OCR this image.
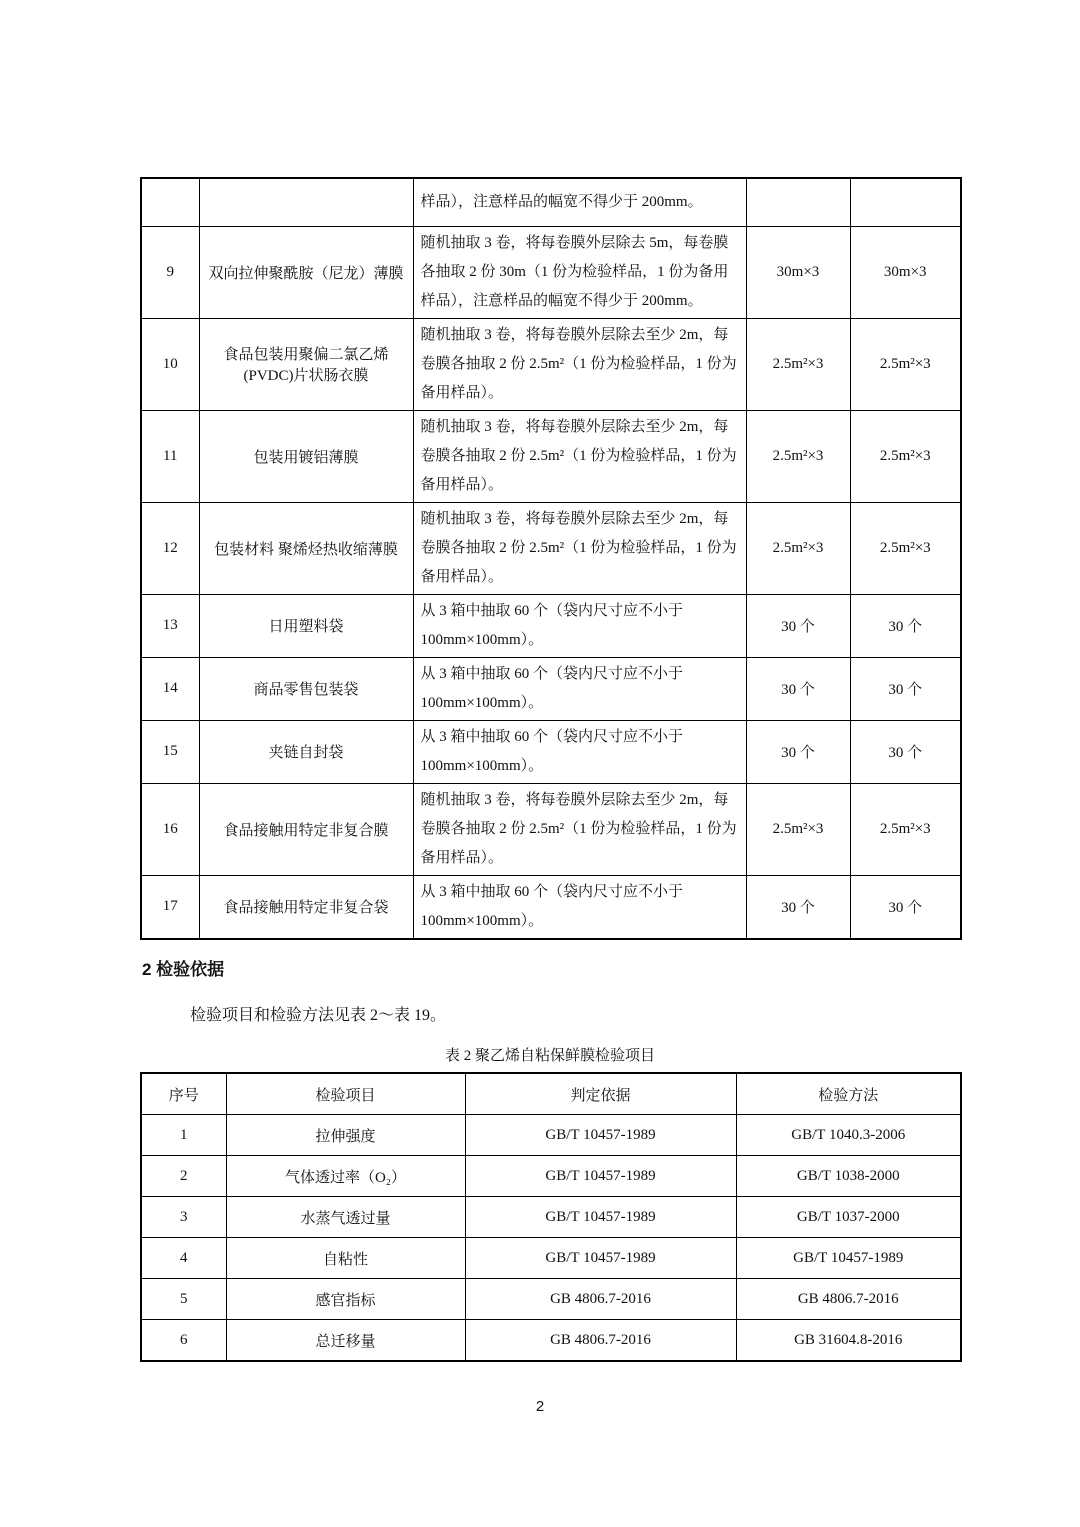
		样品），注意样品的幅宽不得少于 200mm。		
9	双向拉伸聚酰胺（尼龙）薄膜	随机抽取 3 卷，将每卷膜外层除去 5m，每卷膜各抽取 2 份 30m（1 份为检验样品，1 份为备用样品），注意样品的幅宽不得少于 200mm。	30m×3	30m×3
10	食品包装用聚偏二氯乙烯(PVDC)片状肠衣膜	随机抽取 3 卷，将每卷膜外层除去至少 2m，每卷膜各抽取 2 份 2.5m²（1 份为检验样品，1 份为备用样品）。	2.5m²×3	2.5m²×3
11	包装用镀铝薄膜	随机抽取 3 卷，将每卷膜外层除去至少 2m，每卷膜各抽取 2 份 2.5m²（1 份为检验样品，1 份为备用样品）。	2.5m²×3	2.5m²×3
12	包装材料 聚烯烃热收缩薄膜	随机抽取 3 卷，将每卷膜外层除去至少 2m，每卷膜各抽取 2 份 2.5m²（1 份为检验样品，1 份为备用样品）。	2.5m²×3	2.5m²×3
13	日用塑料袋	从 3 箱中抽取 60 个（袋内尺寸应不小于 100mm×100mm）。	30 个	30 个
14	商品零售包装袋	从 3 箱中抽取 60 个（袋内尺寸应不小于 100mm×100mm）。	30 个	30 个
15	夹链自封袋	从 3 箱中抽取 60 个（袋内尺寸应不小于 100mm×100mm）。	30 个	30 个
16	食品接触用特定非复合膜	随机抽取 3 卷，将每卷膜外层除去至少 2m，每卷膜各抽取 2 份 2.5m²（1 份为检验样品，1 份为备用样品）。	2.5m²×3	2.5m²×3
17	食品接触用特定非复合袋	从 3 箱中抽取 60 个（袋内尺寸应不小于 100mm×100mm）。	30 个	30 个
2 检验依据
检验项目和检验方法见表 2～表 19。
表 2 聚乙烯自粘保鲜膜检验项目
序号	检验项目	判定依据	检验方法
1	拉伸强度	GB/T 10457-1989	GB/T 1040.3-2006
2	气体透过率（O₂）	GB/T 10457-1989	GB/T 1038-2000
3	水蒸气透过量	GB/T 10457-1989	GB/T 1037-2000
4	自粘性	GB/T 10457-1989	GB/T 10457-1989
5	感官指标	GB 4806.7-2016	GB 4806.7-2016
6	总迁移量	GB 4806.7-2016	GB 31604.8-2016
2
